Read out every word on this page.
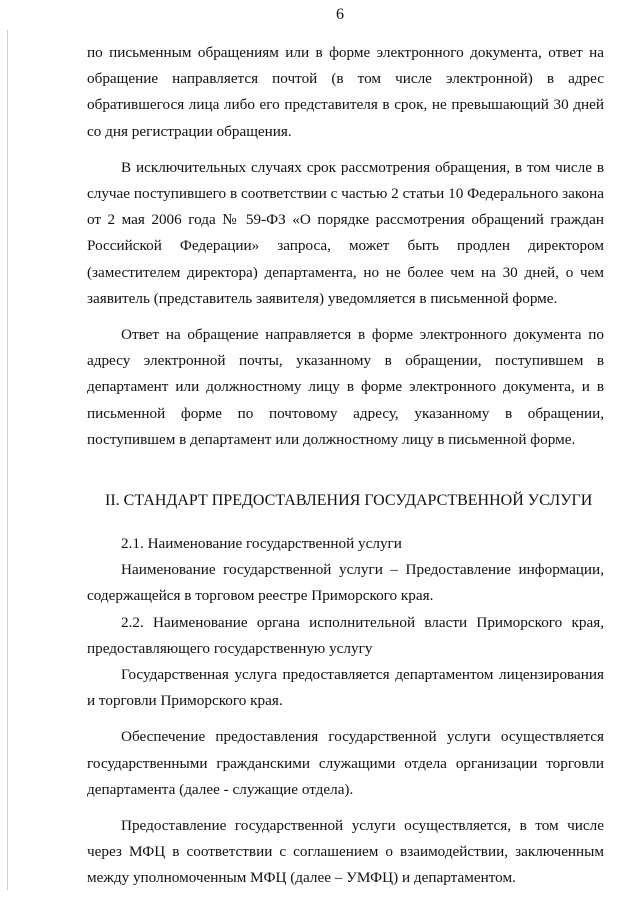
6

по письменным обращениям или в форме электронного документа, ответ на обращение направляется почтой (в том числе электронной) в адрес обратившегося лица либо его представителя в срок, не превышающий 30 дней со дня регистрации обращения.

В исключительных случаях срок рассмотрения обращения, в том числе в случае поступившего в соответствии с частью 2 статьи 10 Федерального закона от 2 мая 2006 года № 59-ФЗ «О порядке рассмотрения обращений граждан Российской Федерации» запроса, может быть продлен директором (заместителем директора) департамента, но не более чем на 30 дней, о чем заявитель (представитель заявителя) уведомляется в письменной форме.

Ответ на обращение направляется в форме электронного документа по адресу электронной почты, указанному в обращении, поступившем в департамент или должностному лицу в форме электронного документа, и в письменной форме по почтовому адресу, указанному в обращении, поступившем в департамент или должностному лицу в письменной форме.

II. СТАНДАРТ ПРЕДОСТАВЛЕНИЯ ГОСУДАРСТВЕННОЙ УСЛУГИ

2.1. Наименование государственной услуги

Наименование государственной услуги – Предоставление информации, содержащейся в торговом реестре Приморского края.

2.2. Наименование органа исполнительной власти Приморского края, предоставляющего государственную услугу

Государственная услуга предоставляется департаментом лицензирования и торговли Приморского края.

Обеспечение предоставления государственной услуги осуществляется государственными гражданскими служащими отдела организации торговли департамента (далее - служащие отдела).

Предоставление государственной услуги осуществляется, в том числе через МФЦ в соответствии с соглашением о взаимодействии, заключенным между уполномоченным МФЦ (далее – УМФЦ) и департаментом.
